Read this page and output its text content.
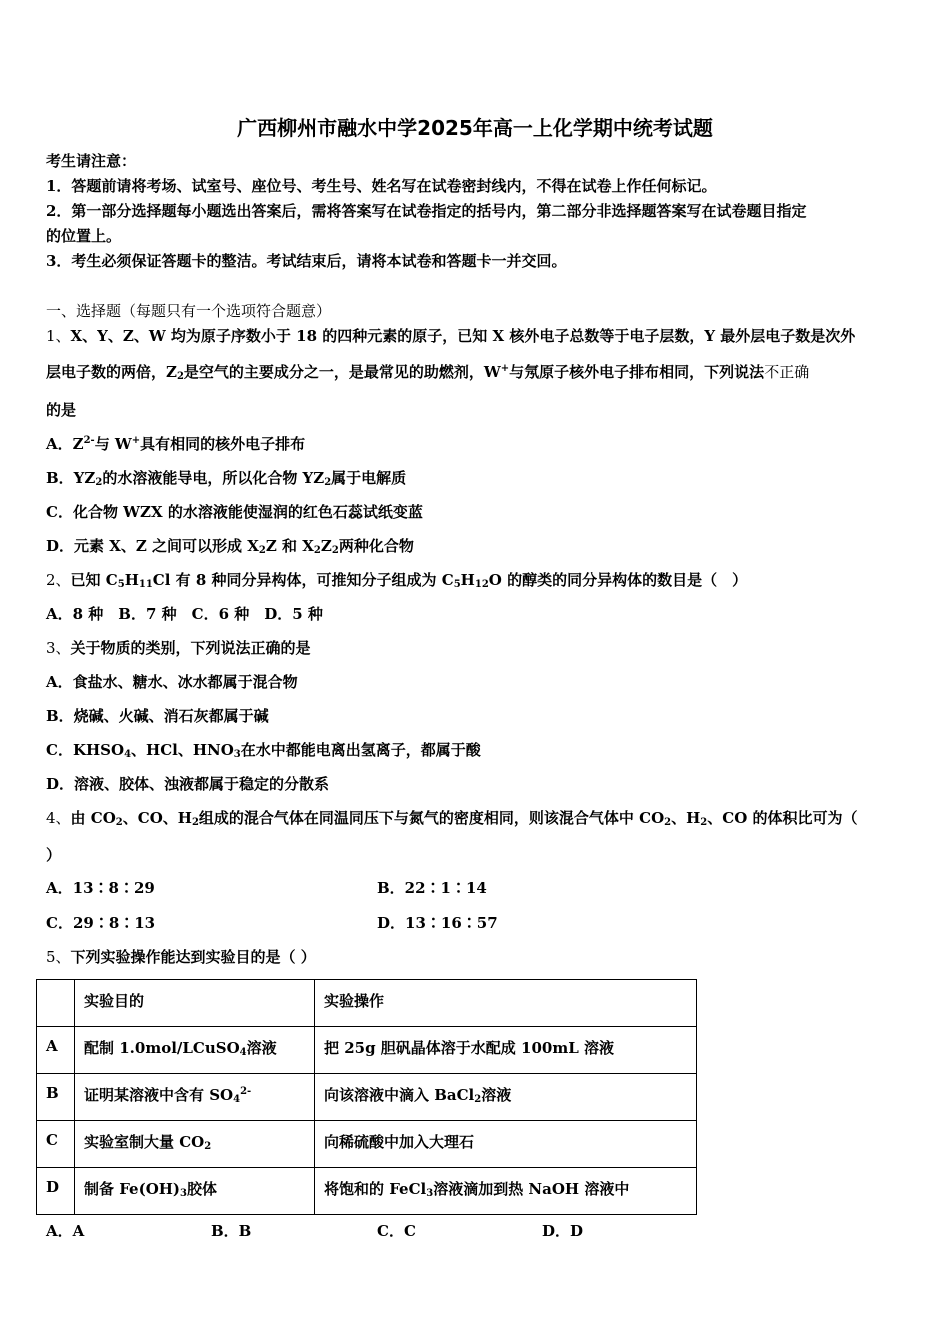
广西柳州市融水中学2025年高一上化学期中统考试题
考生请注意：
1．答题前请将考场、试室号、座位号、考生号、姓名写在试卷密封线内，不得在试卷上作任何标记。
2．第一部分选择题每小题选出答案后，需将答案写在试卷指定的括号内，第二部分非选择题答案写在试卷题目指定
的位置上。
3．考生必须保证答题卡的整洁。考试结束后，请将本试卷和答题卡一并交回。
一、选择题（每题只有一个选项符合题意）
1、X、Y、Z、W 均为原子序数小于 18 的四种元素的原子，已知 X 核外电子总数等于电子层数，Y 最外层电子数是次外
层电子数的两倍，$Z_2$是空气的主要成分之一，是最常见的助燃剂，W+与氖原子核外电子排布相同，下列说法不正确
的是
A．$Z^{2-}$与 W+具有相同的核外电子排布
B．$YZ_2$的水溶液能导电，所以化合物 $YZ_2$属于电解质
C．化合物 WZX 的水溶液能使湿润的红色石蕊试纸变蓝
D．元素 X、Z 之间可以形成 $X_2Z$ 和 $X_2Z_2$两种化合物
2、已知 $C_5H_{11}Cl$ 有 8 种同分异构体，可推知分子组成为 $C_5H_{12}O$ 的醇类的同分异构体的数目是（　）
A．8 种　B．7 种　C．6 种　D．5 种
3、关于物质的类别，下列说法正确的是
A．食盐水、糖水、冰水都属于混合物
B．烧碱、火碱、消石灰都属于碱
C．$KHSO_4$、HCl、$HNO_3$在水中都能电离出氢离子，都属于酸
D．溶液、胶体、浊液都属于稳定的分散系
4、由 $CO_2$、CO、$H_2$组成的混合气体在同温同压下与氮气的密度相同，则该混合气体中 $CO_2$、$H_2$、CO 的体积比可为（
）
A．13∶8∶29	B．22∶1∶14
C．29∶8∶13	D．13∶16∶57
5、下列实验操作能达到实验目的是（ ）

	实验目的	实验操作

A	配制 1.0mol/LCuSO$_4$溶液	把 25g 胆矾晶体溶于水配成 100mL 溶液

B	证明某溶液中含有 $SO_4^{2-}$	向该溶液中滴入 BaCl$_2$溶液

C	实验室制大量 $CO_2$	向稀硫酸中加入大理石

D	制备 $Fe(OH)_3$胶体	将饱和的 FeCl$_3$溶液滴加到热 NaOH 溶液中
A．A	B．B	C．C	D．D
